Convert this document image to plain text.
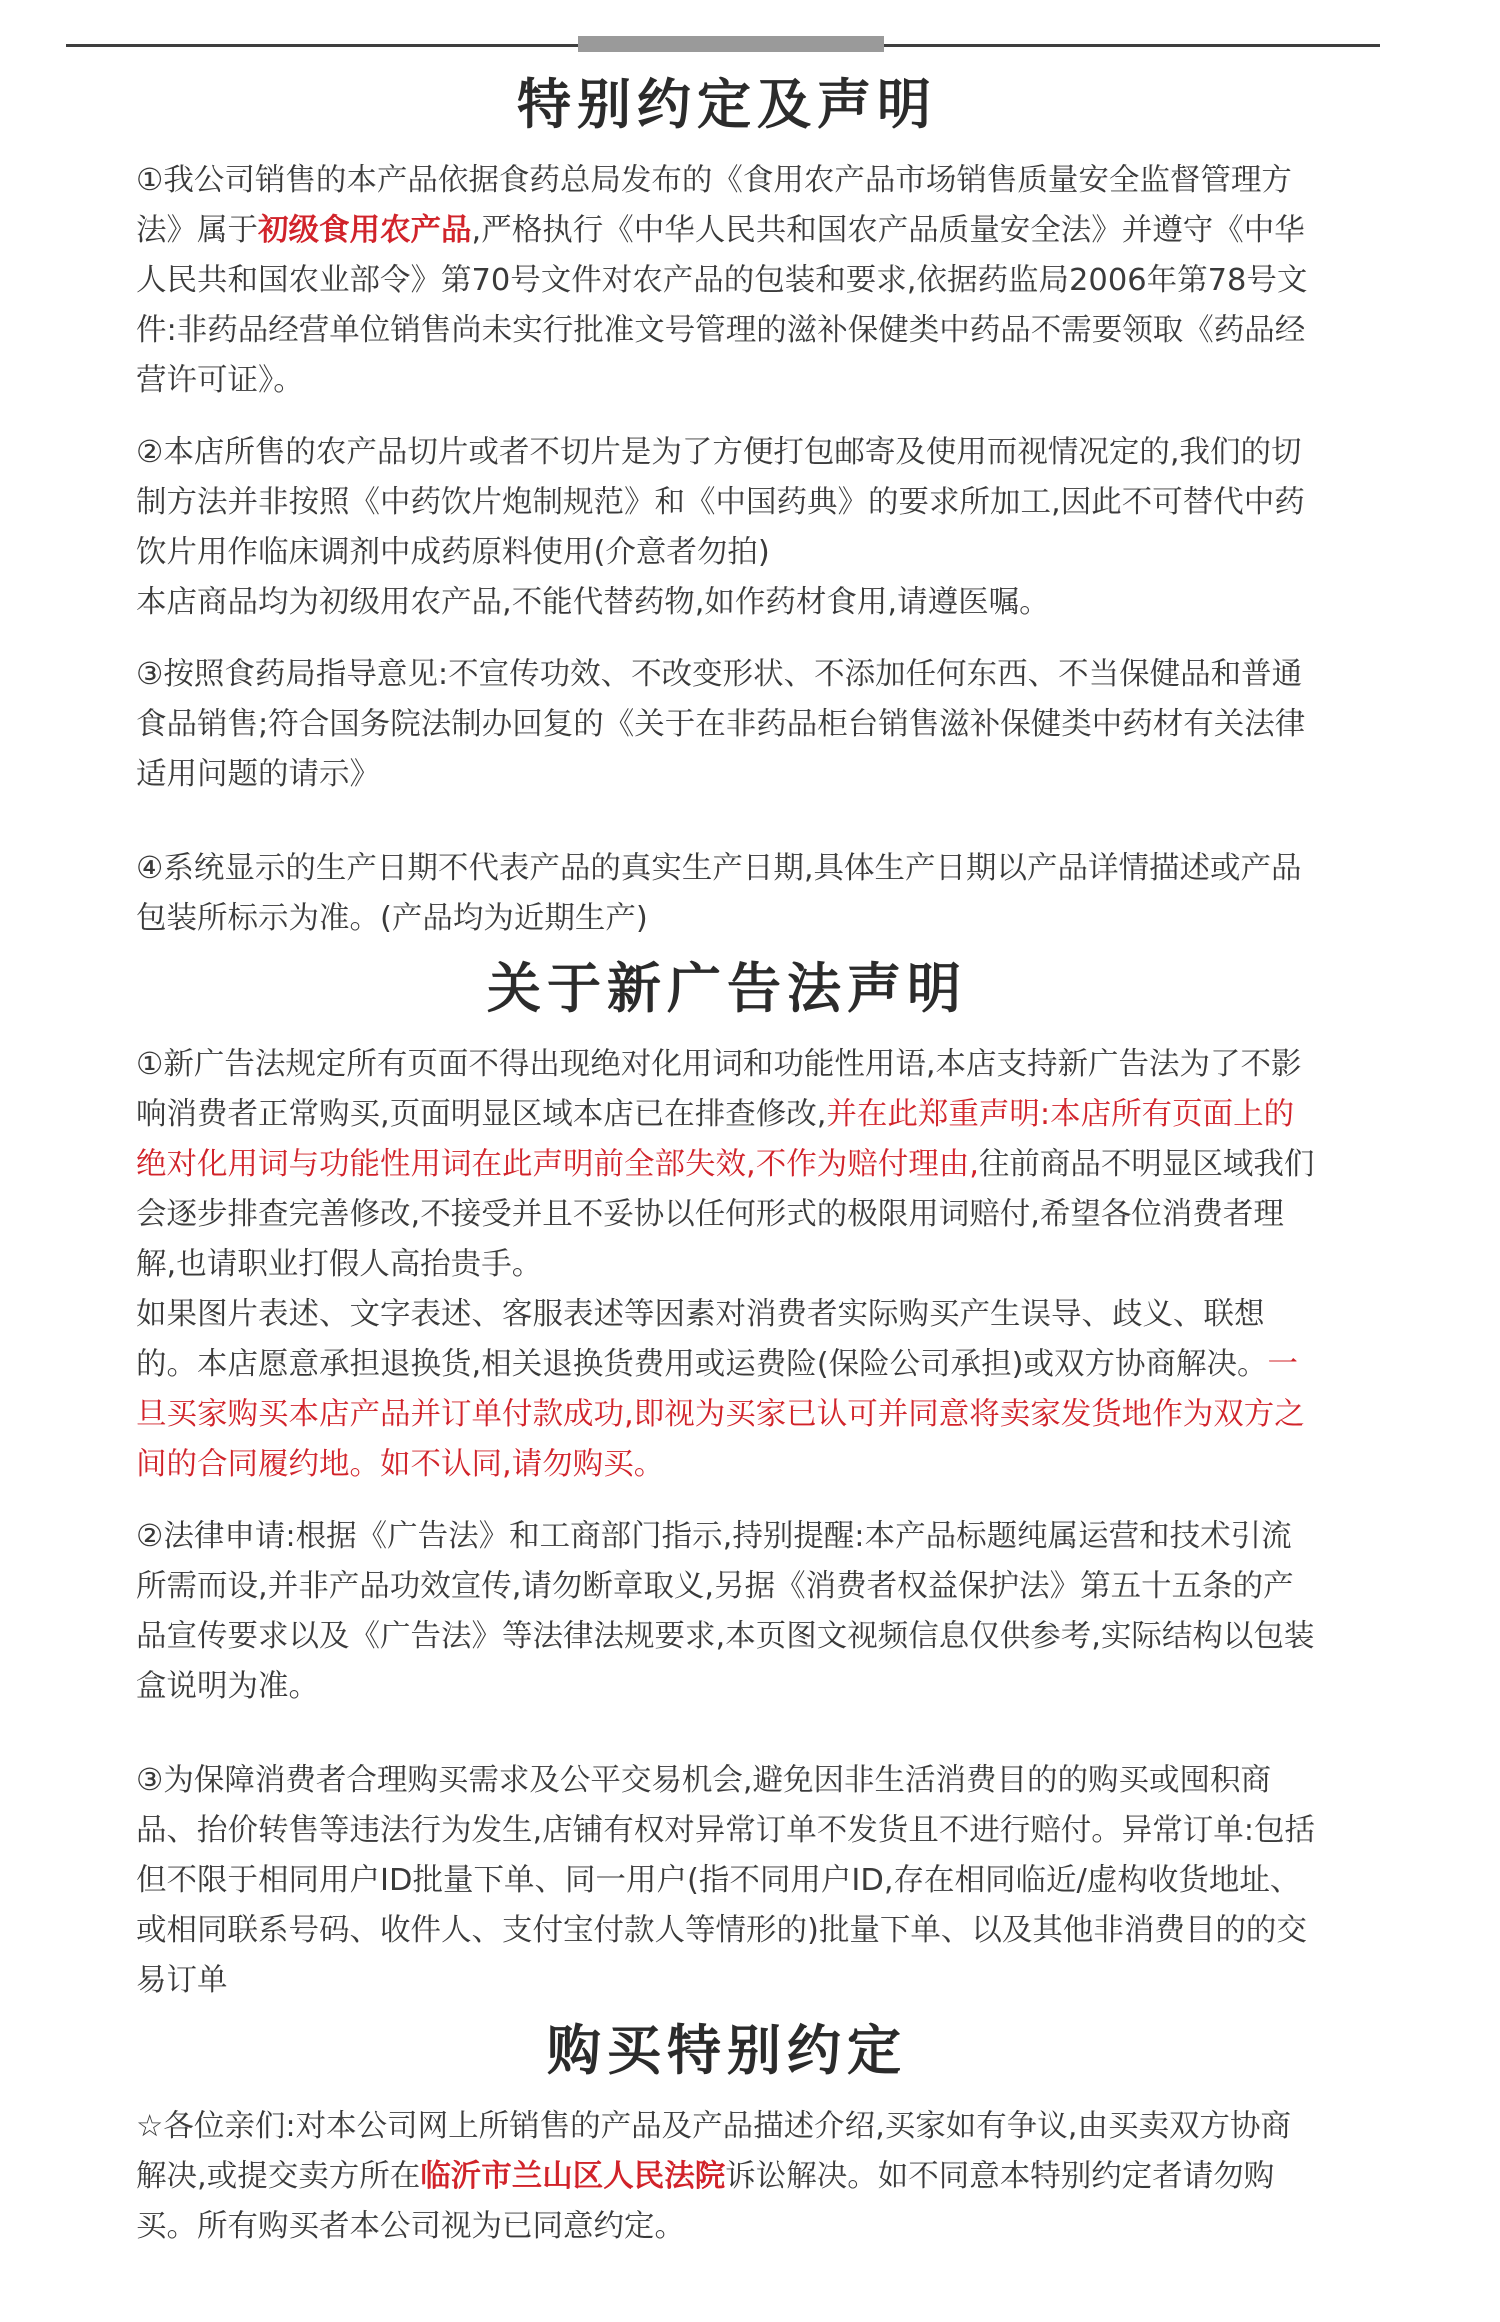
特别约定及声明

①我公司销售的本产品依据食药总局发布的《食用农产品市场销售质量安全监督管理方法》属于初级食用农产品,严格执行《中华人民共和国农产品质量安全法》并遵守《中华人民共和国农业部令》第70号文件对农产品的包装和要求,依据药监局2006年第78号文件:非药品经营单位销售尚未实行批准文号管理的滋补保健类中药品不需要领取《药品经营许可证》。

②本店所售的农产品切片或者不切片是为了方便打包邮寄及使用而视情况定的,我们的切制方法并非按照《中药饮片炮制规范》和《中国药典》的要求所加工,因此不可替代中药饮片用作临床调剂中成药原料使用(介意者勿拍)
本店商品均为初级用农产品,不能代替药物,如作药材食用,请遵医嘱。

③按照食药局指导意见:不宣传功效、不改变形状、不添加任何东西、不当保健品和普通食品销售;符合国务院法制办回复的《关于在非药品柜台销售滋补保健类中药材有关法律适用问题的请示》

④系统显示的生产日期不代表产品的真实生产日期,具体生产日期以产品详情描述或产品包装所标示为准。(产品均为近期生产)

关于新广告法声明

①新广告法规定所有页面不得出现绝对化用词和功能性用语,本店支持新广告法为了不影响消费者正常购买,页面明显区域本店已在排查修改,并在此郑重声明:本店所有页面上的绝对化用词与功能性用词在此声明前全部失效,不作为赔付理由,往前商品不明显区域我们会逐步排查完善修改,不接受并且不妥协以任何形式的极限用词赔付,希望各位消费者理解,也请职业打假人高抬贵手。
如果图片表述、文字表述、客服表述等因素对消费者实际购买产生误导、歧义、联想的。本店愿意承担退换货,相关退换货费用或运费险(保险公司承担)或双方协商解决。一旦买家购买本店产品并订单付款成功,即视为买家已认可并同意将卖家发货地作为双方之间的合同履约地。如不认同,请勿购买。

②法律申请:根据《广告法》和工商部门指示,持别提醒:本产品标题纯属运营和技术引流所需而设,并非产品功效宣传,请勿断章取义,另据《消费者权益保护法》第五十五条的产品宣传要求以及《广告法》等法律法规要求,本页图文视频信息仅供参考,实际结构以包装盒说明为准。

③为保障消费者合理购买需求及公平交易机会,避免因非生活消费目的的购买或囤积商品、抬价转售等违法行为发生,店铺有权对异常订单不发货且不进行赔付。异常订单:包括但不限于相同用户ID批量下单、同一用户(指不同用户ID,存在相同临近/虚构收货地址、或相同联系号码、收件人、支付宝付款人等情形的)批量下单、以及其他非消费目的的交易订单

购买特别约定

☆各位亲们:对本公司网上所销售的产品及产品描述介绍,买家如有争议,由买卖双方协商解决,或提交卖方所在临沂市兰山区人民法院诉讼解决。如不同意本特别约定者请勿购买。所有购买者本公司视为已同意约定。
